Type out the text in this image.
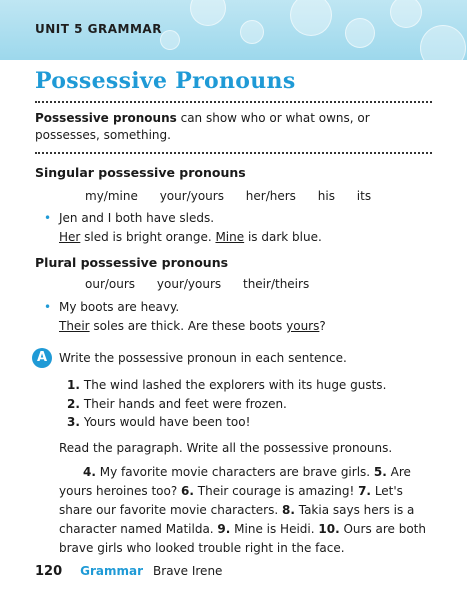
UNIT 5 GRAMMAR
Possessive Pronouns
Possessive pronouns can show who or what owns, or possesses, something.
Singular possessive pronouns
my/mine your/yours her/hers his its
• Jen and I both have sleds.
Her sled is bright orange. Mine is dark blue.
Plural possessive pronouns
our/ours your/yours their/theirs
• My boots are heavy.
Their soles are thick. Are these boots yours?
A Write the possessive pronoun in each sentence.
1. The wind lashed the explorers with its huge gusts.
2. Their hands and feet were frozen.
3. Yours would have been too!
Read the paragraph. Write all the possessive pronouns.
4. My favorite movie characters are brave girls. 5. Are yours heroines too? 6. Their courage is amazing! 7. Let's share our favorite movie characters. 8. Takia says hers is a character named Matilda. 9. Mine is Heidi. 10. Ours are both brave girls who looked trouble right in the face.
120 Grammar Brave Irene
